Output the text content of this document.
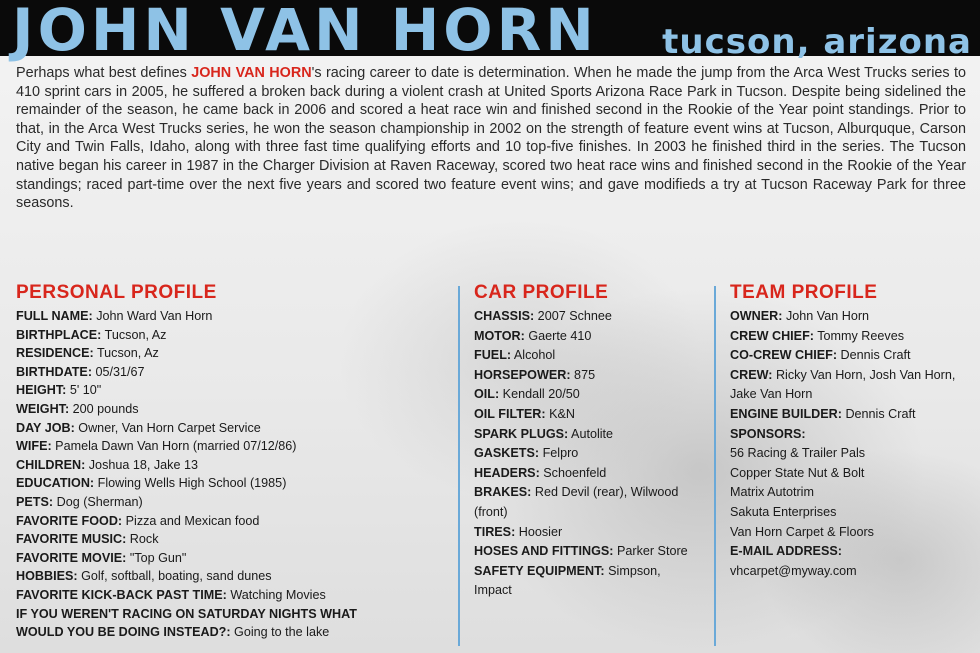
JOHN VAN HORN tucson, arizona
Perhaps what best defines JOHN VAN HORN's racing career to date is determination. When he made the jump from the Arca West Trucks series to 410 sprint cars in 2005, he suffered a broken back during a violent crash at United Sports Arizona Race Park in Tucson. Despite being sidelined the remainder of the season, he came back in 2006 and scored a heat race win and finished second in the Rookie of the Year point standings. Prior to that, in the Arca West Trucks series, he won the season championship in 2002 on the strength of feature event wins at Tucson, Alburquque, Carson City and Twin Falls, Idaho, along with three fast time qualifying efforts and 10 top-five finishes. In 2003 he finished third in the series. The Tucson native began his career in 1987 in the Charger Division at Raven Raceway, scored two heat race wins and finished second in the Rookie of the Year standings; raced part-time over the next five years and scored two feature event wins; and gave modifieds a try at Tucson Raceway Park for three seasons.
PERSONAL PROFILE
FULL NAME: John Ward Van Horn
BIRTHPLACE: Tucson, Az
RESIDENCE: Tucson, Az
BIRTHDATE: 05/31/67
HEIGHT: 5' 10"
WEIGHT: 200 pounds
DAY JOB: Owner, Van Horn Carpet Service
WIFE: Pamela Dawn Van Horn (married 07/12/86)
CHILDREN: Joshua 18, Jake 13
EDUCATION: Flowing Wells High School (1985)
PETS: Dog (Sherman)
FAVORITE FOOD: Pizza and Mexican food
FAVORITE MUSIC: Rock
FAVORITE MOVIE: "Top Gun"
HOBBIES: Golf, softball, boating, sand dunes
FAVORITE KICK-BACK PAST TIME: Watching Movies
IF YOU WEREN'T RACING ON SATURDAY NIGHTS WHAT
WOULD YOU BE DOING INSTEAD?: Going to the lake
CAR PROFILE
CHASSIS: 2007 Schnee
MOTOR: Gaerte 410
FUEL: Alcohol
HORSEPOWER: 875
OIL: Kendall 20/50
OIL FILTER: K&N
SPARK PLUGS: Autolite
GASKETS: Felpro
HEADERS: Schoenfeld
BRAKES: Red Devil (rear), Wilwood (front)
TIRES: Hoosier
HOSES AND FITTINGS: Parker Store
SAFETY EQUIPMENT: Simpson, Impact
TEAM PROFILE
OWNER: John Van Horn
CREW CHIEF: Tommy Reeves
CO-CREW CHIEF: Dennis Craft
CREW: Ricky Van Horn, Josh Van Horn, Jake Van Horn
ENGINE BUILDER: Dennis Craft
SPONSORS:
56 Racing & Trailer Pals
Copper State Nut & Bolt
Matrix Autotrim
Sakuta Enterprises
Van Horn Carpet & Floors
E-MAIL ADDRESS:
vhcarpet@myway.com
